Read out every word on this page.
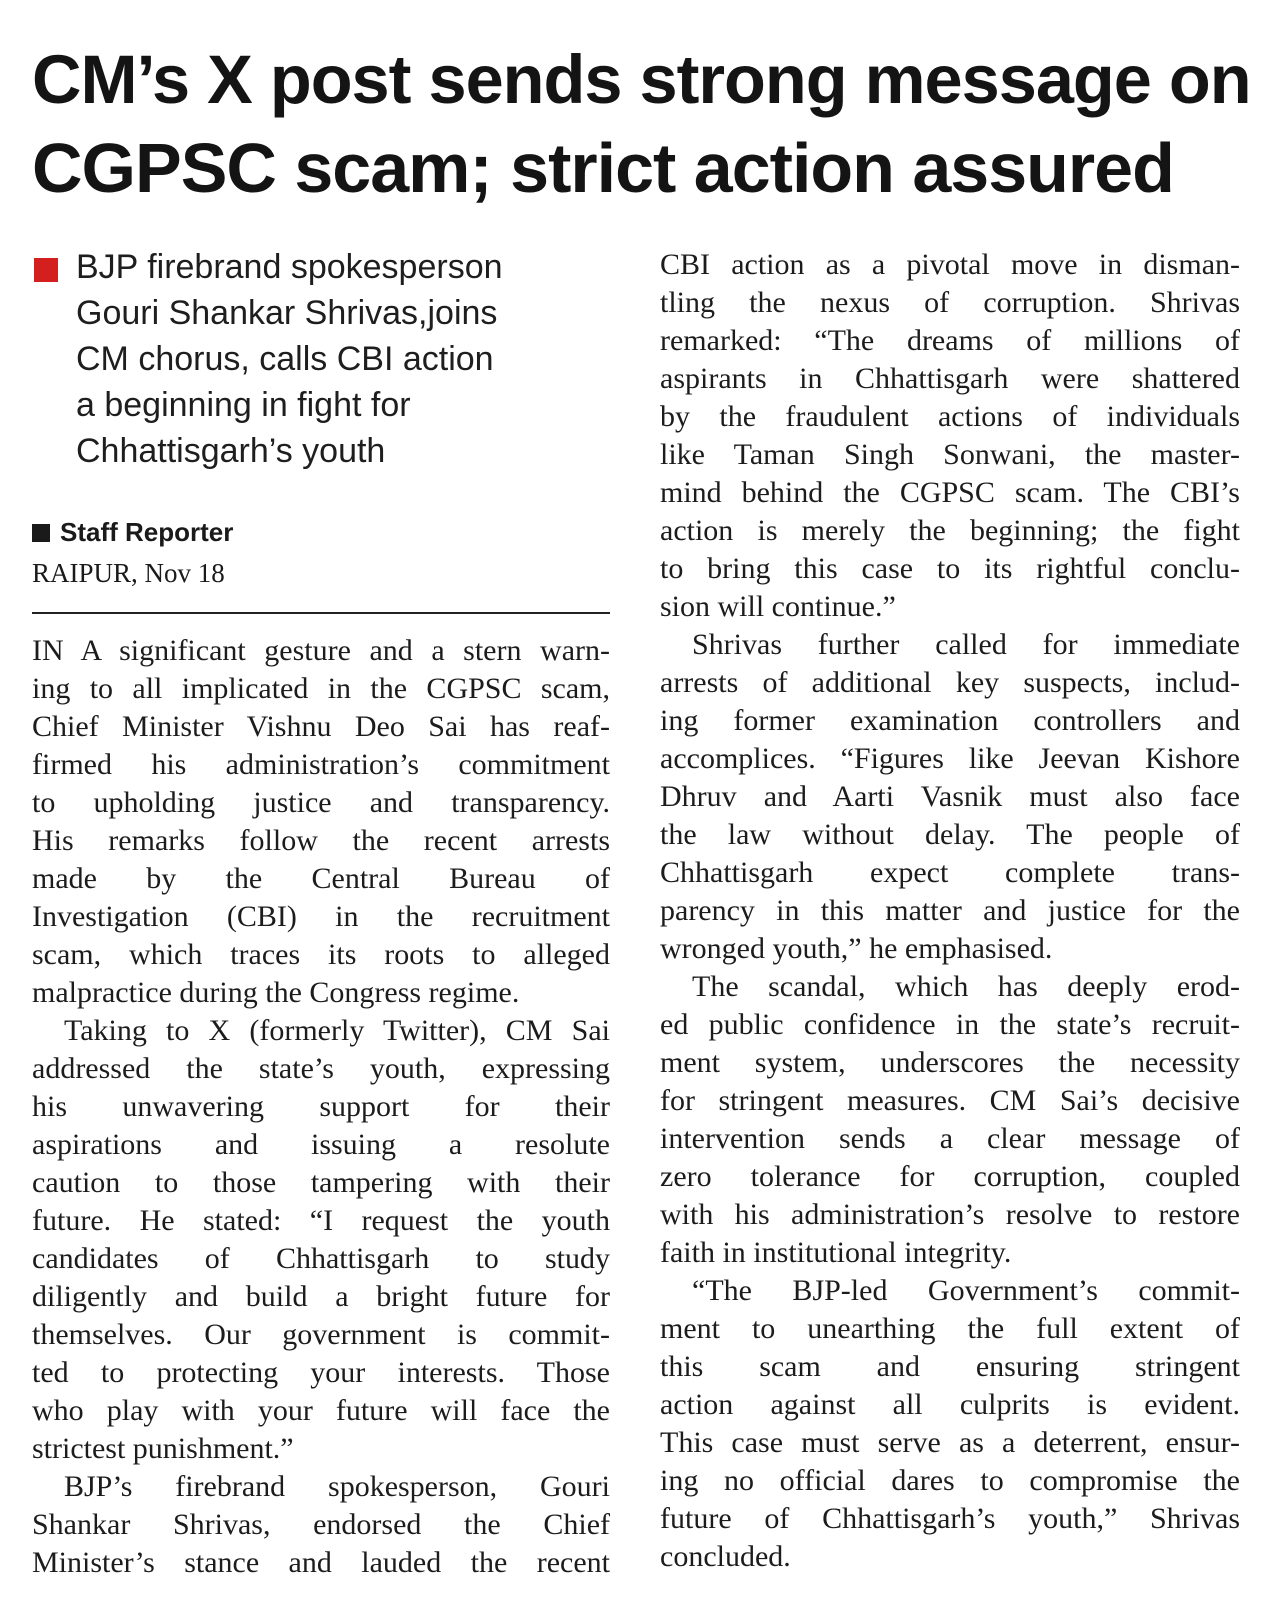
CM’s X post sends strong message on
CGPSC scam; strict action assured
BJP firebrand spokesperson
Gouri Shankar Shrivas,joins
CM chorus, calls CBI action
a beginning in fight for
Chhattisgarh’s youth
Staff Reporter
RAIPUR, Nov 18
IN A significant gesture and a stern warn-
ing to all implicated in the CGPSC scam,
Chief Minister Vishnu Deo Sai has reaf-
firmed his administration’s commitment
to upholding justice and transparency.
His remarks follow the recent arrests
made by the Central Bureau of
Investigation (CBI) in the recruitment
scam, which traces its roots to alleged
malpractice during the Congress regime.
Taking to X (formerly Twitter), CM Sai
addressed the state’s youth, expressing
his unwavering support for their
aspirations and issuing a resolute
caution to those tampering with their
future. He stated: “I request the youth
candidates of Chhattisgarh to study
diligently and build a bright future for
themselves. Our government is commit-
ted to protecting your interests. Those
who play with your future will face the
strictest punishment.”
BJP’s firebrand spokesperson, Gouri
Shankar Shrivas, endorsed the Chief
Minister’s stance and lauded the recent
CBI action as a pivotal move in disman-
tling the nexus of corruption. Shrivas
remarked: “The dreams of millions of
aspirants in Chhattisgarh were shattered
by the fraudulent actions of individuals
like Taman Singh Sonwani, the master-
mind behind the CGPSC scam. The CBI’s
action is merely the beginning; the fight
to bring this case to its rightful conclu-
sion will continue.”
Shrivas further called for immediate
arrests of additional key suspects, includ-
ing former examination controllers and
accomplices. “Figures like Jeevan Kishore
Dhruv and Aarti Vasnik must also face
the law without delay. The people of
Chhattisgarh expect complete trans-
parency in this matter and justice for the
wronged youth,” he emphasised.
The scandal, which has deeply erod-
ed public confidence in the state’s recruit-
ment system, underscores the necessity
for stringent measures. CM Sai’s decisive
intervention sends a clear message of
zero tolerance for corruption, coupled
with his administration’s resolve to restore
faith in institutional integrity.
“The BJP-led Government’s commit-
ment to unearthing the full extent of
this scam and ensuring stringent
action against all culprits is evident.
This case must serve as a deterrent, ensur-
ing no official dares to compromise the
future of Chhattisgarh’s youth,” Shrivas
concluded.
